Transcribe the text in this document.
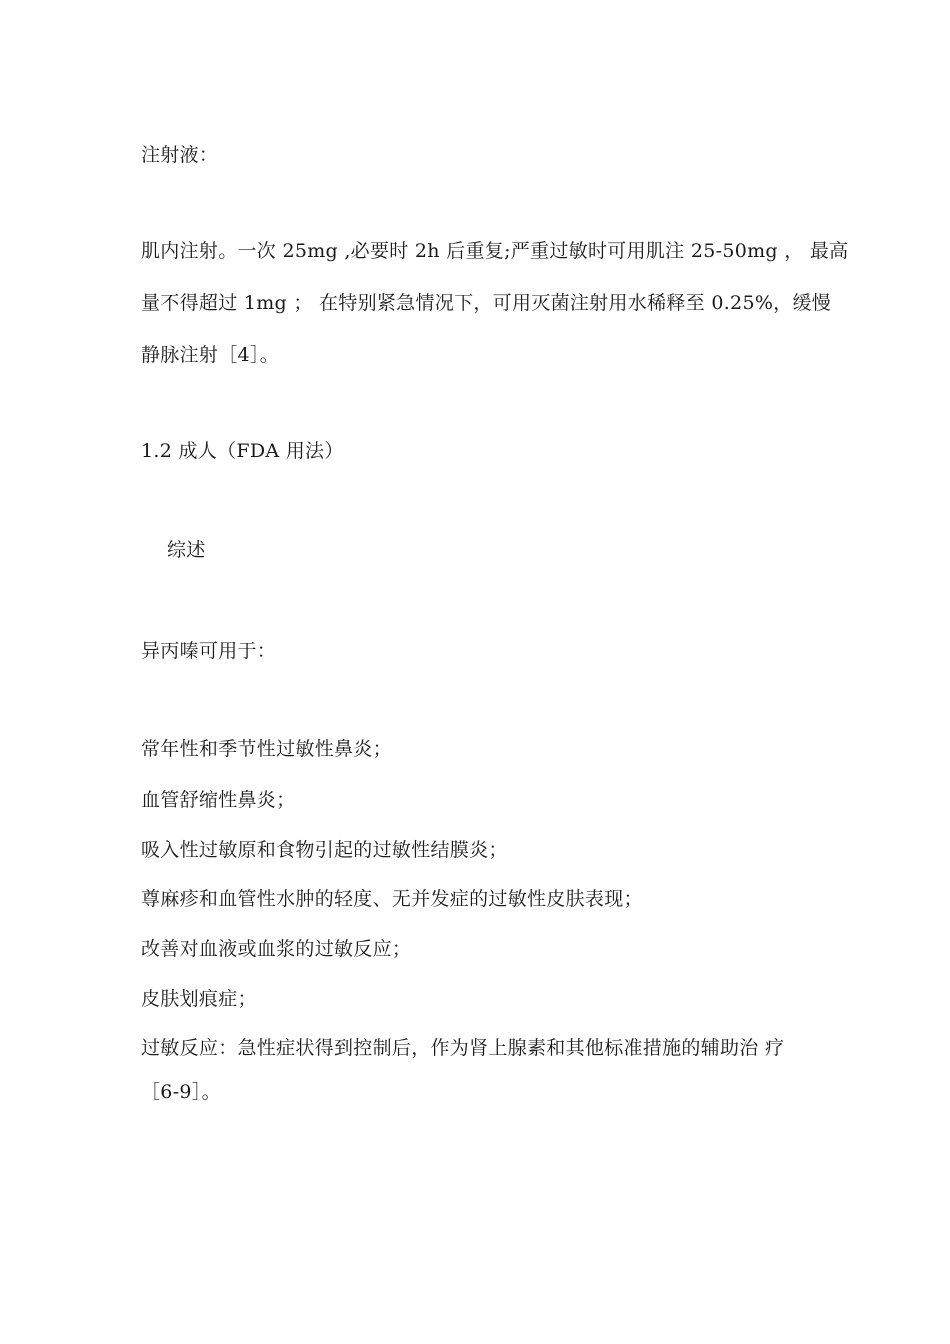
注射液：
肌内注射。一次 25mg ,必要时 2h 后重复;严重过敏时可用肌注 25-50mg ， 最高
量不得超过 1mg ； 在特别紧急情况下，可用灭菌注射用水稀释至 0.25%，缓慢
静脉注射［4］。
1.2 成人（FDA 用法）
综述
异丙嗪可用于：
常年性和季节性过敏性鼻炎；
血管舒缩性鼻炎；
吸入性过敏原和食物引起的过敏性结膜炎；
尊麻疹和血管性水肿的轻度、无并发症的过敏性皮肤表现；
改善对血液或血浆的过敏反应；
皮肤划痕症；
过敏反应：急性症状得到控制后，作为肾上腺素和其他标准措施的辅助治 疗
［6-9］。
